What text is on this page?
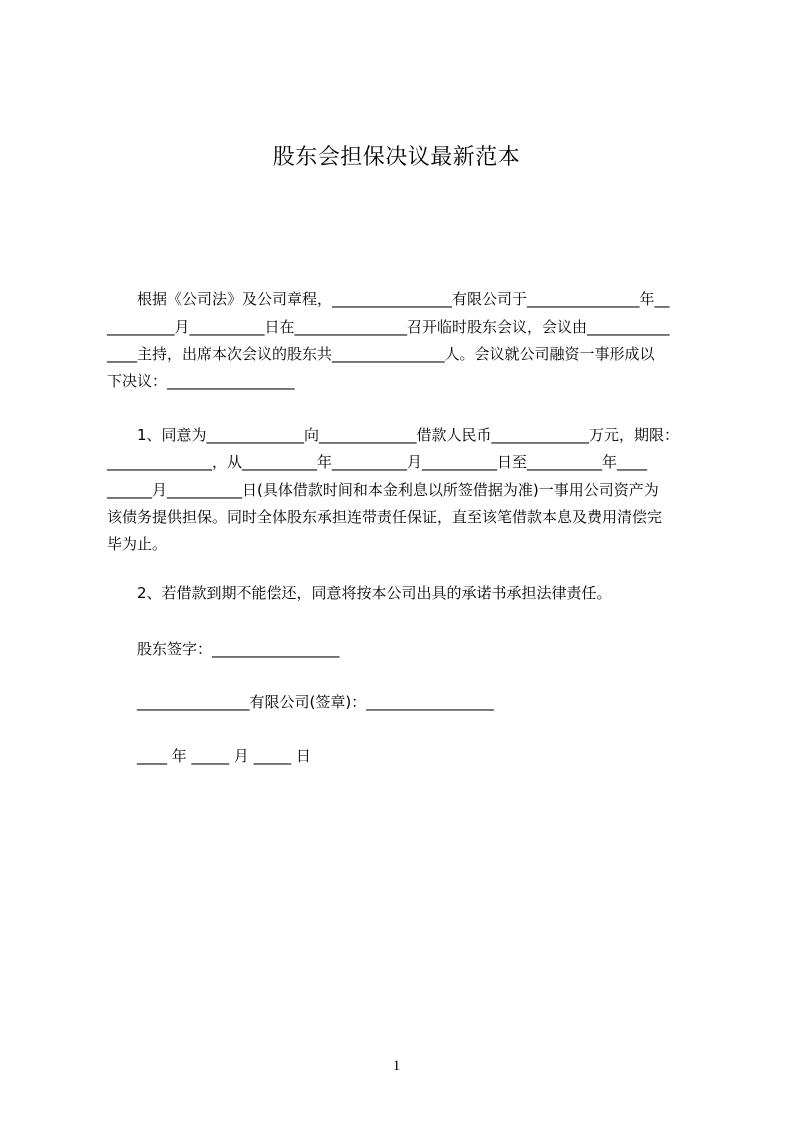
股东会担保决议最新范本
根据《公司法》及公司章程，________________有限公司于_______________年__
_________月__________日在_______________召开临时股东会议，会议由___________
____主持，出席本次会议的股东共_______________人。会议就公司融资一事形成以
下决议：_________________
1、同意为_____________向_____________借款人民币_____________万元，期限：
______________，从__________年__________月__________日至__________年____
______月__________日(具体借款时间和本金利息以所签借据为准)一事用公司资产为
该债务提供担保。同时全体股东承担连带责任保证，直至该笔借款本息及费用清偿完
毕为止。
2、若借款到期不能偿还，同意将按本公司出具的承诺书承担法律责任。
股东签字：_________________
_______________有限公司(签章)：_________________
____ 年 _____ 月 _____ 日
1
